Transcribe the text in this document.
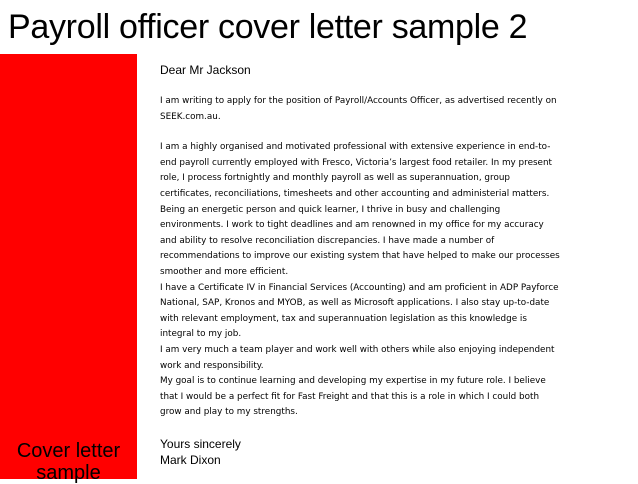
Payroll officer cover letter sample 2
Cover letter
sample
Dear Mr Jackson
I am writing to apply for the position of Payroll/Accounts Officer, as advertised recently on
SEEK.com.au.
I am a highly organised and motivated professional with extensive experience in end-to-
end payroll currently employed with Fresco, Victoria’s largest food retailer. In my present
role, I process fortnightly and monthly payroll as well as superannuation, group
certificates, reconciliations, timesheets and other accounting and administerial matters.
Being an energetic person and quick learner, I thrive in busy and challenging
environments. I work to tight deadlines and am renowned in my office for my accuracy
and ability to resolve reconciliation discrepancies. I have made a number of
recommendations to improve our existing system that have helped to make our processes
smoother and more efficient.
I have a Certificate IV in Financial Services (Accounting) and am proficient in ADP Payforce
National, SAP, Kronos and MYOB, as well as Microsoft applications. I also stay up-to-date
with relevant employment, tax and superannuation legislation as this knowledge is
integral to my job.
I am very much a team player and work well with others while also enjoying independent
work and responsibility.
My goal is to continue learning and developing my expertise in my future role. I believe
that I would be a perfect fit for Fast Freight and that this is a role in which I could both
grow and play to my strengths.
Yours sincerely
Mark Dixon
